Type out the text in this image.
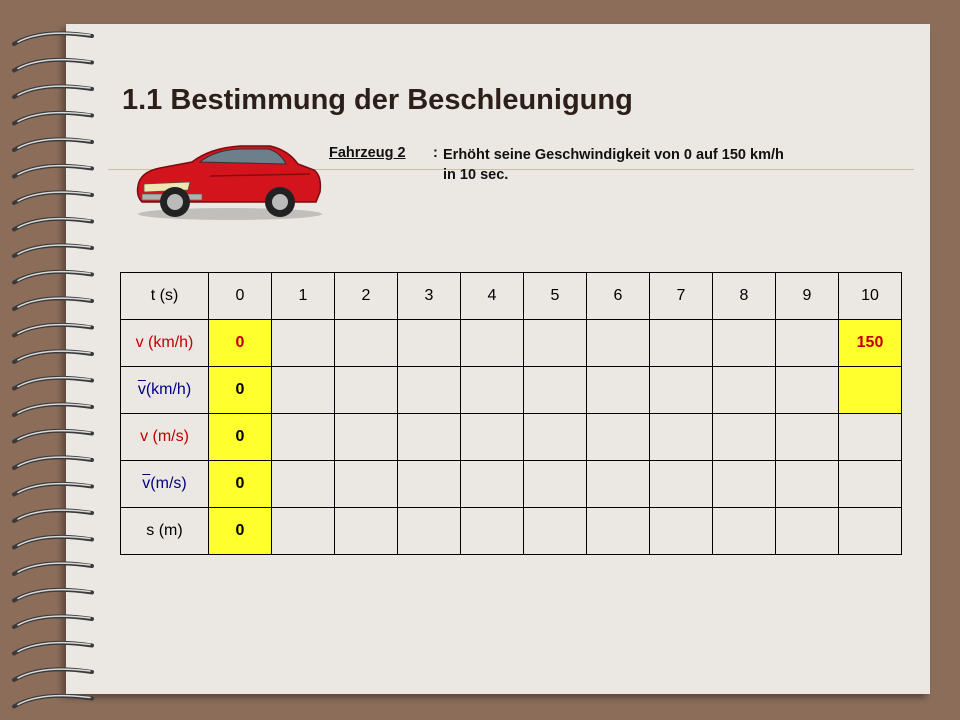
1.1 Bestimmung der Beschleunigung
Fahrzeug 2 : Erhöht seine Geschwindigkeit von 0 auf 150 km/h
in 10 sec.
t (s)	0	1	2	3	4	5	6	7	8	9	10
v (km/h)	0										150
$\overline{v}(km/h)$	0										
v (m/s)	0										
$\overline{v}(m/s)$	0										
s (m)	0										
